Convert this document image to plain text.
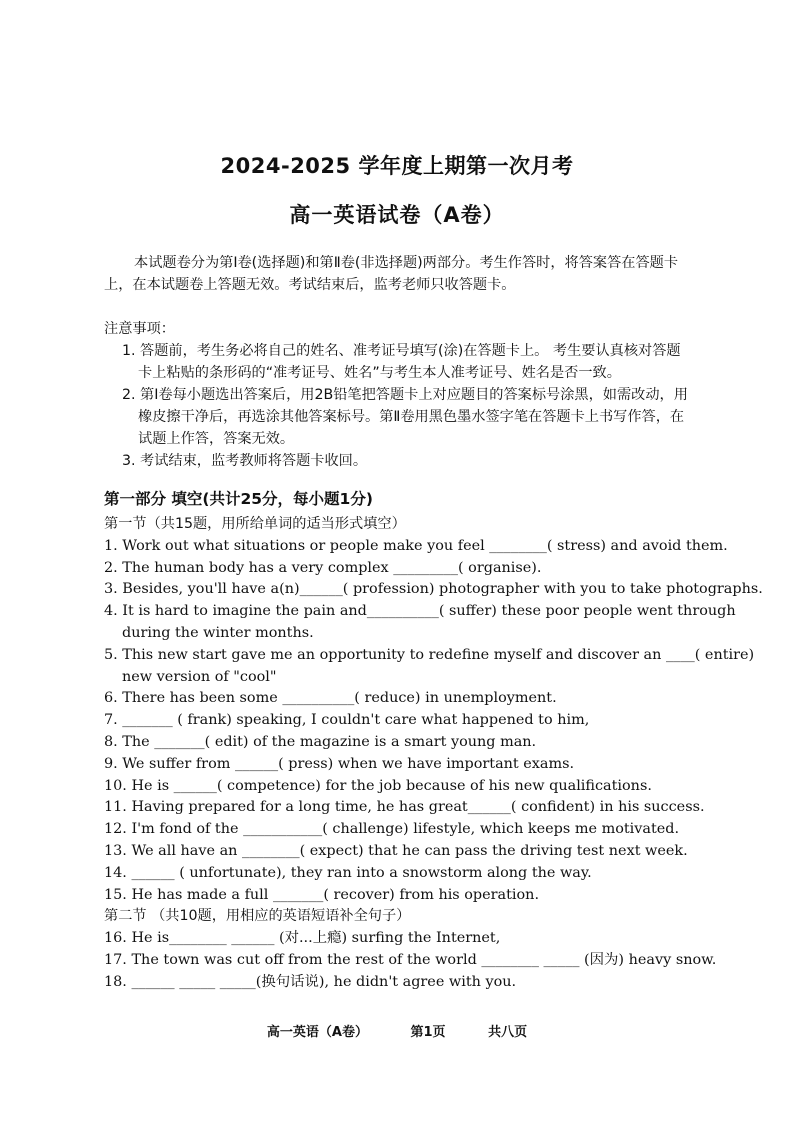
2024-2025 学年度上期第一次月考
高一英语试卷（A卷）

本试题卷分为第Ⅰ卷(选择题)和第Ⅱ卷(非选择题)两部分。考生作答时，将答案答在答题卡上，在本试题卷上答题无效。考试结束后，监考老师只收答题卡。

注意事项：

1. 答题前，考生务必将自己的姓名、准考证号填写(涂)在答题卡上。 考生要认真核对答题卡上粘贴的条形码的“准考证号、姓名”与考生本人准考证号、姓名是否一致。
2. 第Ⅰ卷每小题选出答案后，用2B铅笔把答题卡上对应题目的答案标号涂黑，如需改动，用橡皮擦干净后，再选涂其他答案标号。第Ⅱ卷用黑色墨水签字笔在答题卡上书写作答，在试题上作答，答案无效。
3. 考试结束，监考教师将答题卡收回。
第一部分 填空(共计25分，每小题1分)
第一节（共15题，用所给单词的适当形式填空）
1. Work out what situations or people make you feel ________( stress) and avoid them.
2. The human body has a very complex _________( organise).
3. Besides, you'll have a(n)______( profession) photographer with you to take photographs.
4. It is hard to imagine the pain and__________( suffer) these poor people went through
during the winter months.
5. This new start gave me an opportunity to redefine myself and discover an ____( entire)
new version of "cool"
6. There has been some __________( reduce) in unemployment.
7. _______ ( frank) speaking, I couldn't care what happened to him,
8. The _______( edit) of the magazine is a smart young man.
9. We suffer from ______( press) when we have important exams.
10. He is ______( competence) for the job because of his new qualifications.
11. Having prepared for a long time, he has great______( confident) in his success.
12. I'm fond of the ___________( challenge) lifestyle, which keeps me motivated.
13. We all have an ________( expect) that he can pass the driving test next week.
14. ______ ( unfortunate), they ran into a snowstorm along the way.
15. He has made a full _______( recover) from his operation.
第二节 （共10题，用相应的英语短语补全句子）
16. He is________ ______ (对...上瘾) surfing the Internet,
17. The town was cut off from the rest of the world ________ _____ (因为) heavy snow.
18. ______ _____ _____(换句话说), he didn't agree with you.
高一英语（A卷）	第1页	共八页
